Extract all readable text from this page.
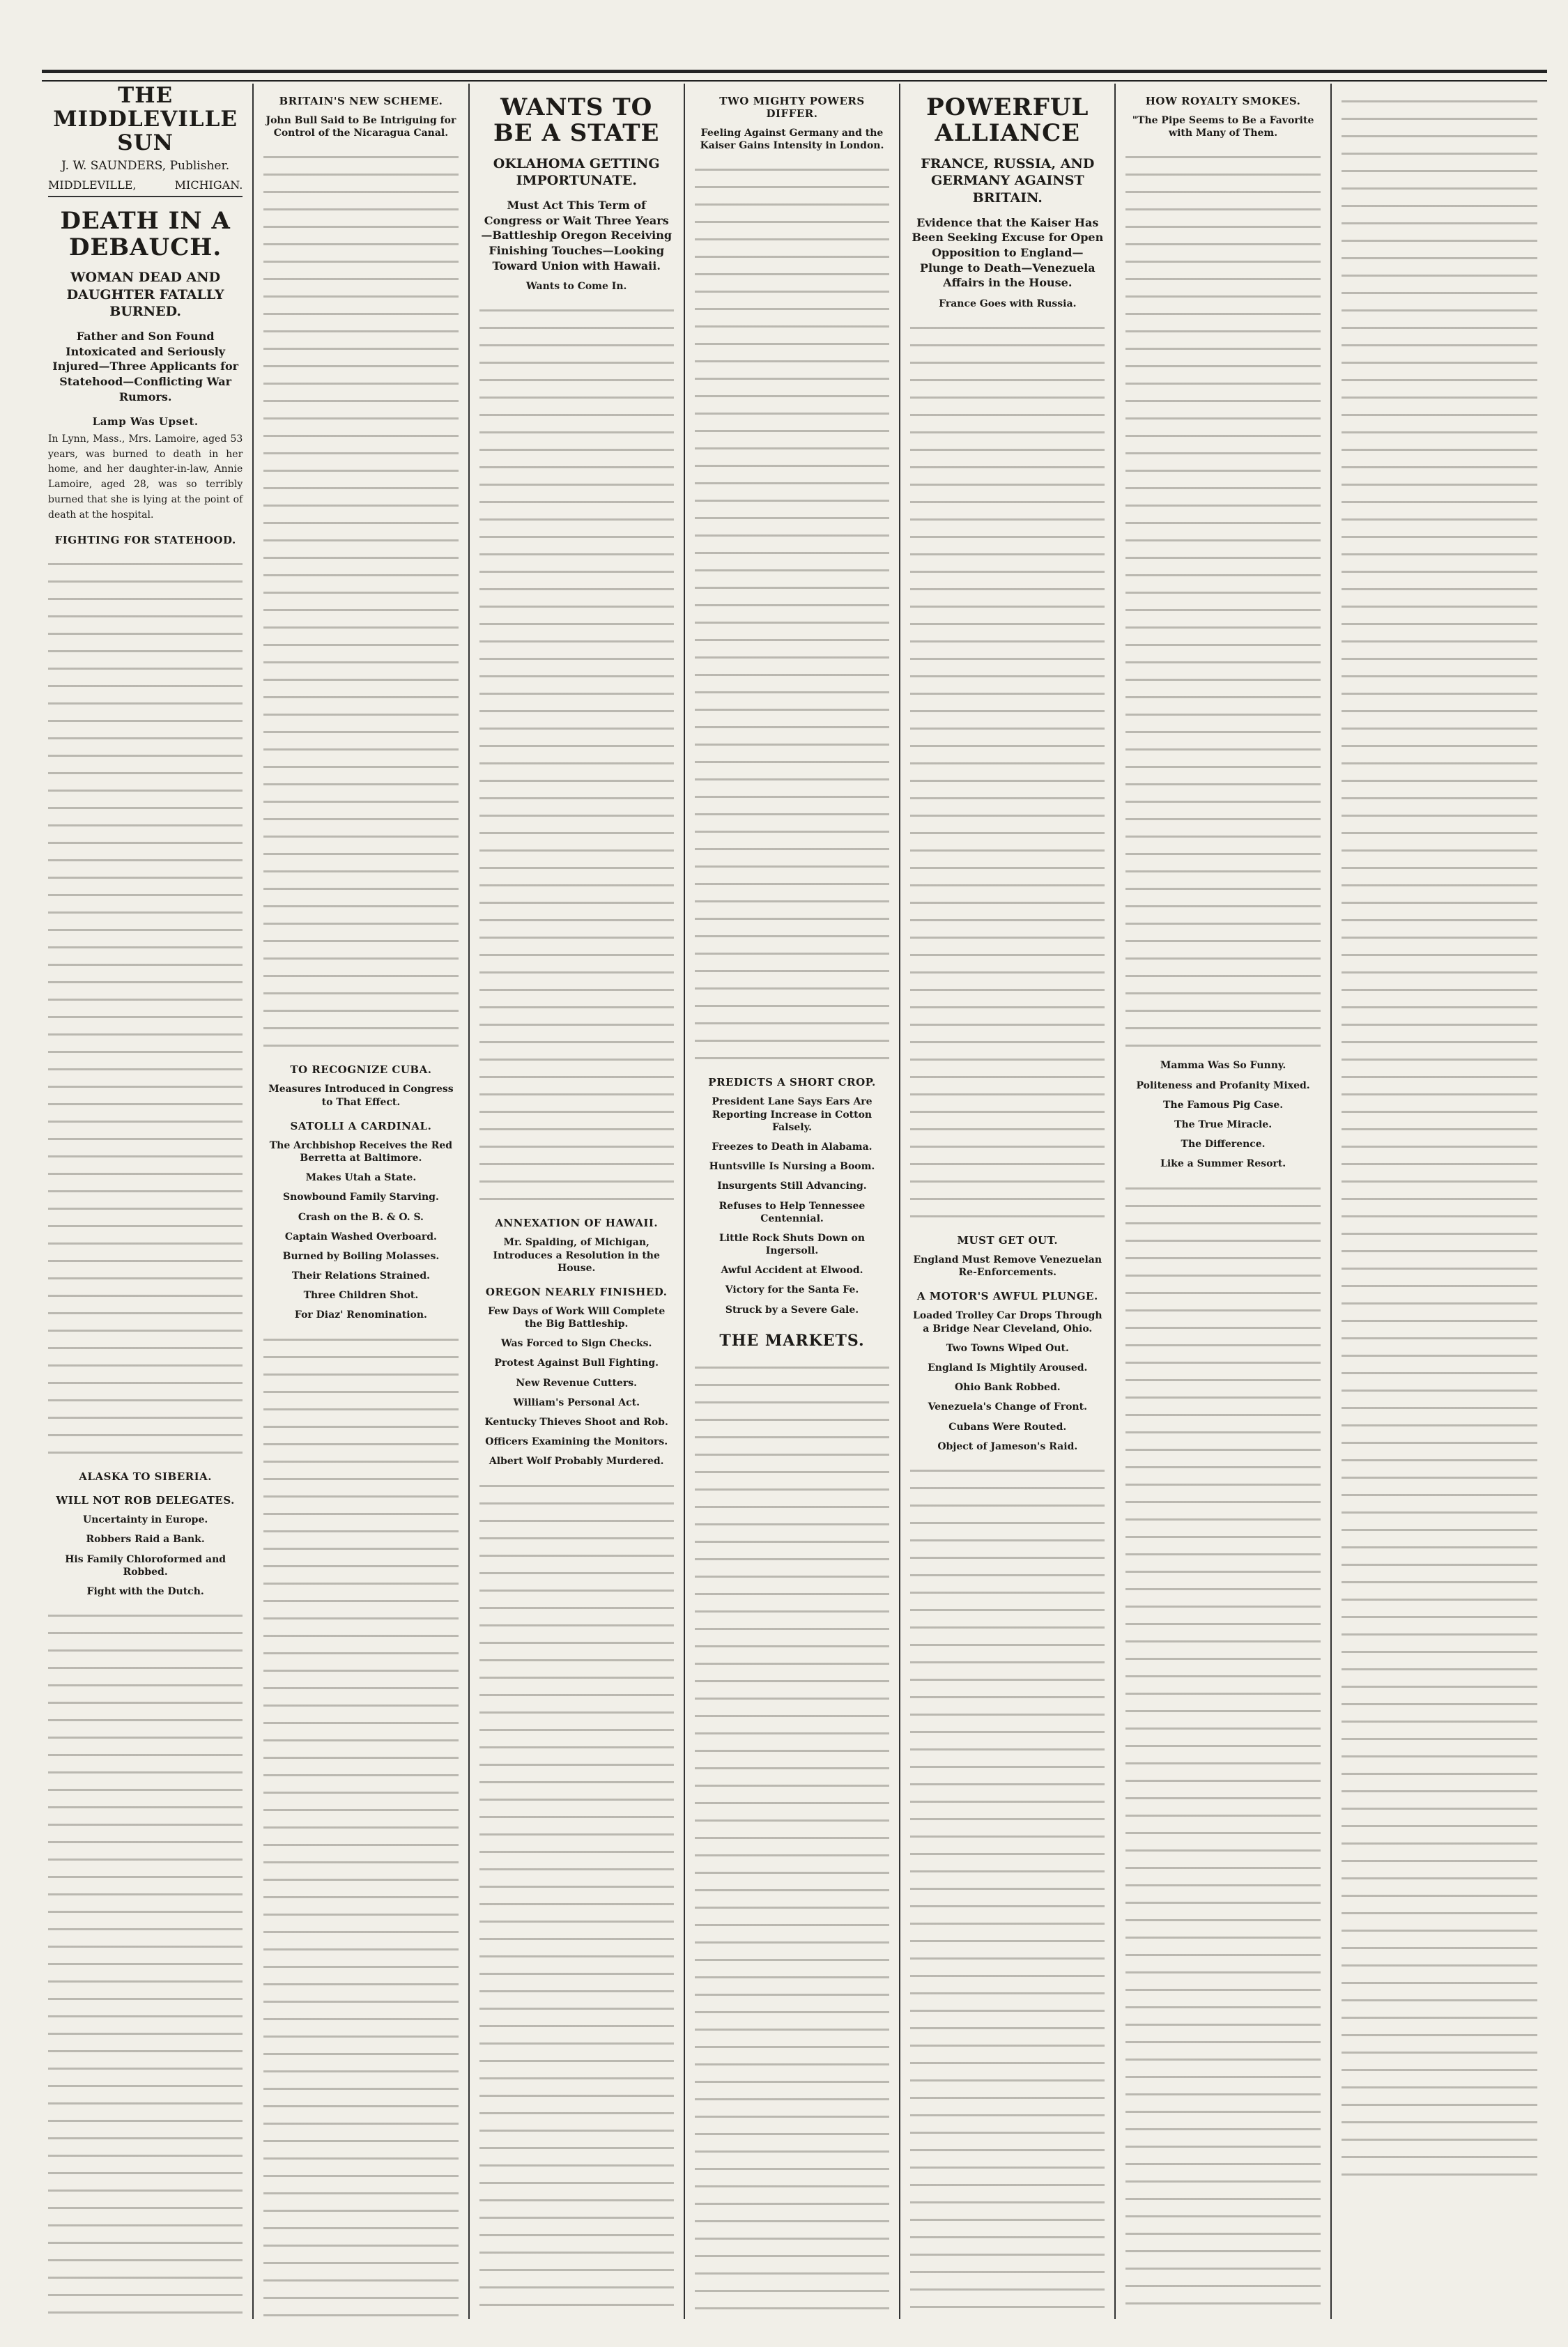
THE MIDDLEVILLE SUN
J. W. SAUNDERS, Publisher.
MIDDLEVILLE,	MICHIGAN.
DEATH IN A DEBAUCH.
WOMAN DEAD AND DAUGHTER FATALLY BURNED.
Father and Son Found Intoxicated and Seriously Injured—Three Applicants for Statehood—Conflicting War Rumors.
Lamp Was Upset.
In Lynn, Mass., Mrs. Lamoire, aged 53 years, was burned to death in her home, and her daughter-in-law, Annie Lamoire, aged 28, was so terribly burned that she is lying at the point of death at the hospital.
FIGHTING FOR STATEHOOD.
ALASKA TO SIBERIA.
WILL NOT ROB DELEGATES.
Uncertainty in Europe.
Robbers Raid a Bank.
His Family Chloroformed and Robbed.
Fight with the Dutch.
BRITAIN'S NEW SCHEME.
John Bull Said to Be Intriguing for Control of the Nicaragua Canal.
TO RECOGNIZE CUBA.
Measures Introduced in Congress to That Effect.
SATOLLI A CARDINAL.
The Archbishop Receives the Red Berretta at Baltimore.
Makes Utah a State.
Snowbound Family Starving.
Crash on the B. & O. S.
Captain Washed Overboard.
Burned by Boiling Molasses.
Their Relations Strained.
Three Children Shot.
For Diaz' Renomination.
WANTS TO BE A STATE
OKLAHOMA GETTING IMPORTUNATE.
Must Act This Term of Congress or Wait Three Years—Battleship Oregon Receiving Finishing Touches—Looking Toward Union with Hawaii.
Wants to Come In.
ANNEXATION OF HAWAII.
Mr. Spalding, of Michigan, Introduces a Resolution in the House.
OREGON NEARLY FINISHED.
Few Days of Work Will Complete the Big Battleship.
Was Forced to Sign Checks.
Protest Against Bull Fighting.
New Revenue Cutters.
William's Personal Act.
Kentucky Thieves Shoot and Rob.
Officers Examining the Monitors.
Albert Wolf Probably Murdered.
TWO MIGHTY POWERS DIFFER.
Feeling Against Germany and the Kaiser Gains Intensity in London.
PREDICTS A SHORT CROP.
President Lane Says Ears Are Reporting Increase in Cotton Falsely.
Freezes to Death in Alabama.
Huntsville Is Nursing a Boom.
Insurgents Still Advancing.
Refuses to Help Tennessee Centennial.
Little Rock Shuts Down on Ingersoll.
Awful Accident at Elwood.
Victory for the Santa Fe.
Struck by a Severe Gale.
THE MARKETS.
POWERFUL ALLIANCE
FRANCE, RUSSIA, AND GERMANY AGAINST BRITAIN.
Evidence that the Kaiser Has Been Seeking Excuse for Open Opposition to England—Plunge to Death—Venezuela Affairs in the House.
France Goes with Russia.
MUST GET OUT.
England Must Remove Venezuelan Re-Enforcements.
A MOTOR'S AWFUL PLUNGE.
Loaded Trolley Car Drops Through a Bridge Near Cleveland, Ohio.
Two Towns Wiped Out.
England Is Mightily Aroused.
Ohio Bank Robbed.
Venezuela's Change of Front.
Cubans Were Routed.
Object of Jameson's Raid.
HOW ROYALTY SMOKES.
"The Pipe Seems to Be a Favorite with Many of Them.
Mamma Was So Funny.
Politeness and Profanity Mixed.
The Famous Pig Case.
The True Miracle.
The Difference.
Like a Summer Resort.
